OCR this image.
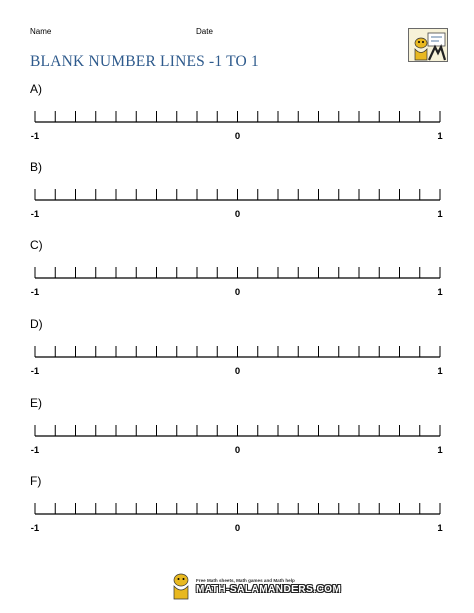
Name	Date
BLANK NUMBER LINES -1 TO 1
A)
-1	0	1
B)
-1	0	1
C)
-1	0	1
D)
-1	0	1
E)
-1	0	1
F)
-1	0	1
Free Math sheets, Math games and Math help
MATH-SALAMANDERS.COM
